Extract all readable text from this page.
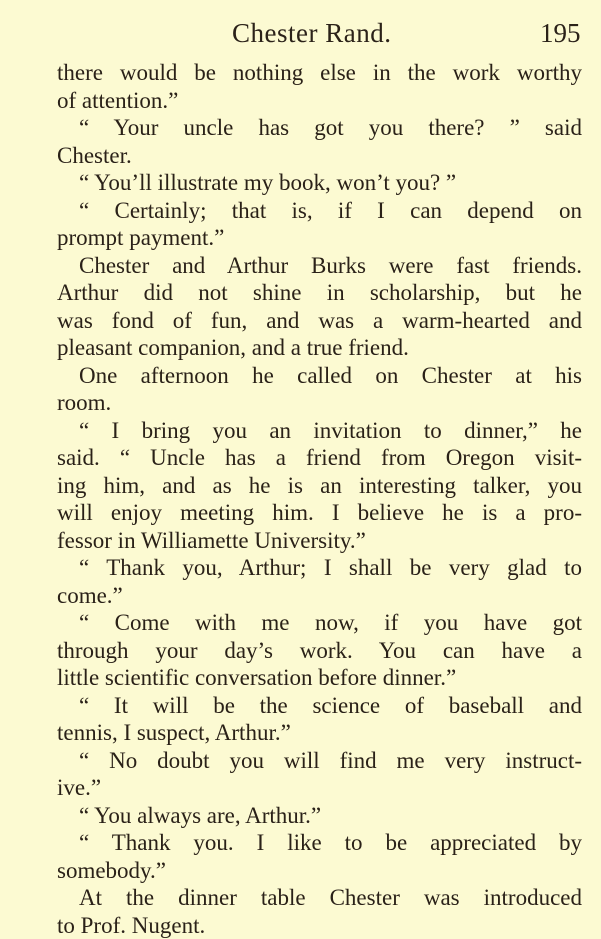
Chester Rand.	195
there would be nothing else in the work worthy
of attention.”
“ Your uncle has got you there? ” said
Chester.
“ You’ll illustrate my book, won’t you? ”
“ Certainly; that is, if I can depend on
prompt payment.”
Chester and Arthur Burks were fast friends.
Arthur did not shine in scholarship, but he
was fond of fun, and was a warm-hearted and
pleasant companion, and a true friend.
One afternoon he called on Chester at his
room.
“ I bring you an invitation to dinner,” he
said. “ Uncle has a friend from Oregon visit-
ing him, and as he is an interesting talker, you
will enjoy meeting him. I believe he is a pro-
fessor in Williamette University.”
“ Thank you, Arthur; I shall be very glad to
come.”
“ Come with me now, if you have got
through your day’s work. You can have a
little scientific conversation before dinner.”
“ It will be the science of baseball and
tennis, I suspect, Arthur.”
“ No doubt you will find me very instruct-
ive.”
“ You always are, Arthur.”
“ Thank you. I like to be appreciated by
somebody.”
At the dinner table Chester was introduced
to Prof. Nugent.
